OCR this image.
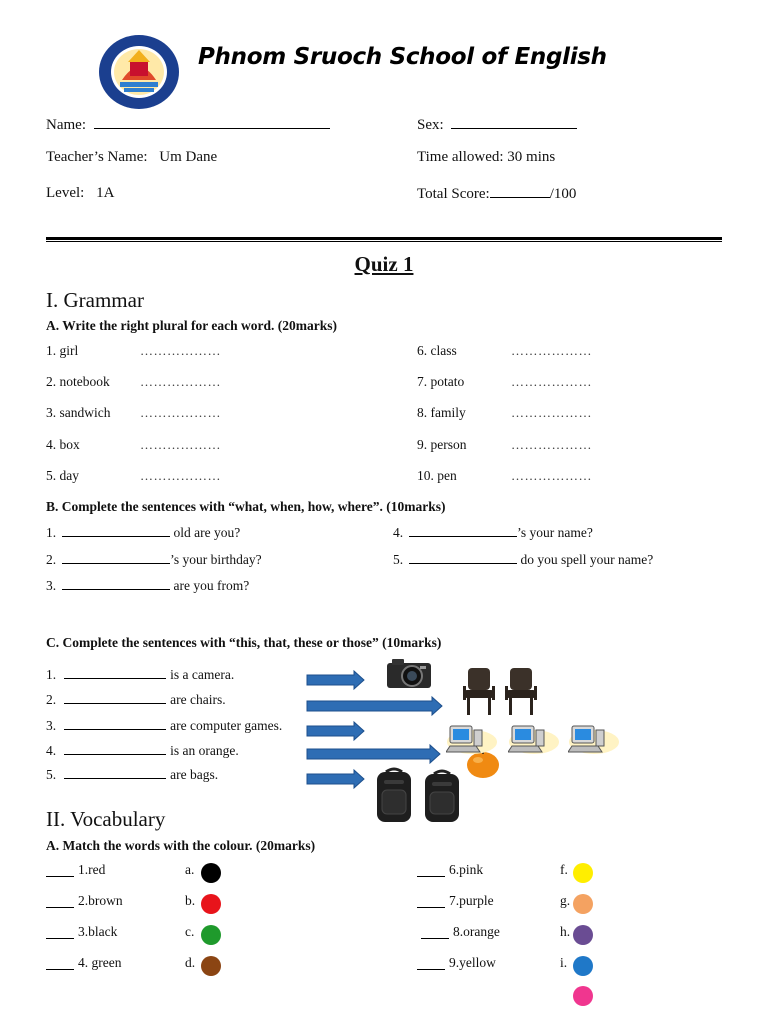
Phnom Sruoch School of English
Name:	Sex:
Teacher’s Name: Um Dane	Time allowed: 30 mins
Level: 1A	Total Score:	/100
Quiz 1
I. Grammar
A. Write the right plural for each word. (20marks)
B. Complete the sentences with “what, when, how, where”. (10marks)
C. Complete the sentences with “this, that, these or those” (10marks)
II. Vocabulary
A. Match the words with the colour. (20marks)
1. girl	………………
2. notebook ………………
3. sandwich ………………
4. box	………………
5. day	………………
6. class	………………
7. potato	………………
8. family	………………
9. person	………………
10. pen	………………
1.	old are you?
2.	’s your birthday?
3.	are you from?
4.	’s your name?
5.	do you spell your name?
1.	is a camera.
2.	are chairs.
3.	are computer games.
4.	is an orange.
5.	are bags.
1.red	a.
2.brown	b.
3.black	c.
4. green	d.
6.pink	f.
7.purple	g.
8.orange	h.
9.yellow	i.
